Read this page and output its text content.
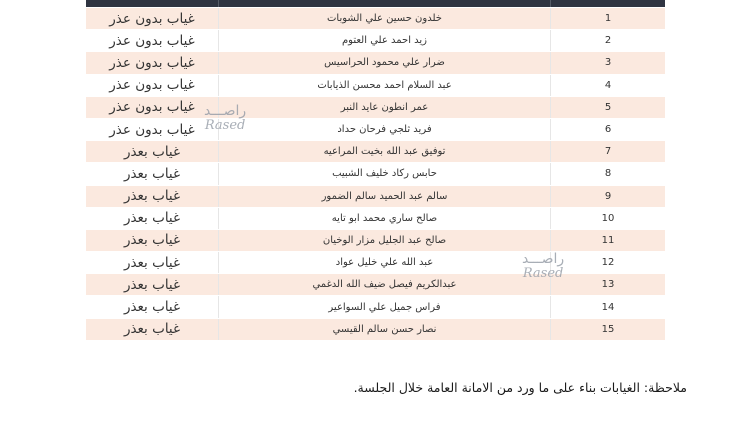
غياب بدون عذر	خلدون حسين علي الشوبات	1
غياب بدون عذر	زيد احمد علي العتوم	2
غياب بدون عذر	ضرار علي محمود الحراسيس	3
غياب بدون عذر	عبد السلام احمد محسن الذيابات	4
غياب بدون عذر	عمر انطون عايد النبر	5
غياب بدون عذر	فريد ثلجي فرحان حداد	6
غياب بعذر	توفيق عبد الله بخيت المراعيه	7
غياب بعذر	حابس ركاد خليف الشبيب	8
غياب بعذر	سالم عبد الحميد سالم الضمور	9
غياب بعذر	صالح ساري محمد ابو تايه	10
غياب بعذر	صالح عبد الجليل مزار الوخيان	11
غياب بعذر	عبد الله علي خليل عواد	12
غياب بعذر	عبدالكريم فيصل ضيف الله الدغمي	13
غياب بعذر	فراس جميل علي السواعير	14
غياب بعذر	نصار حسن سالم القيسي	15
راصـــد
Rased
راصـــد
Rased
ملاحظة: الغيابات بناء على ما ورد من الامانة العامة خلال الجلسة.
